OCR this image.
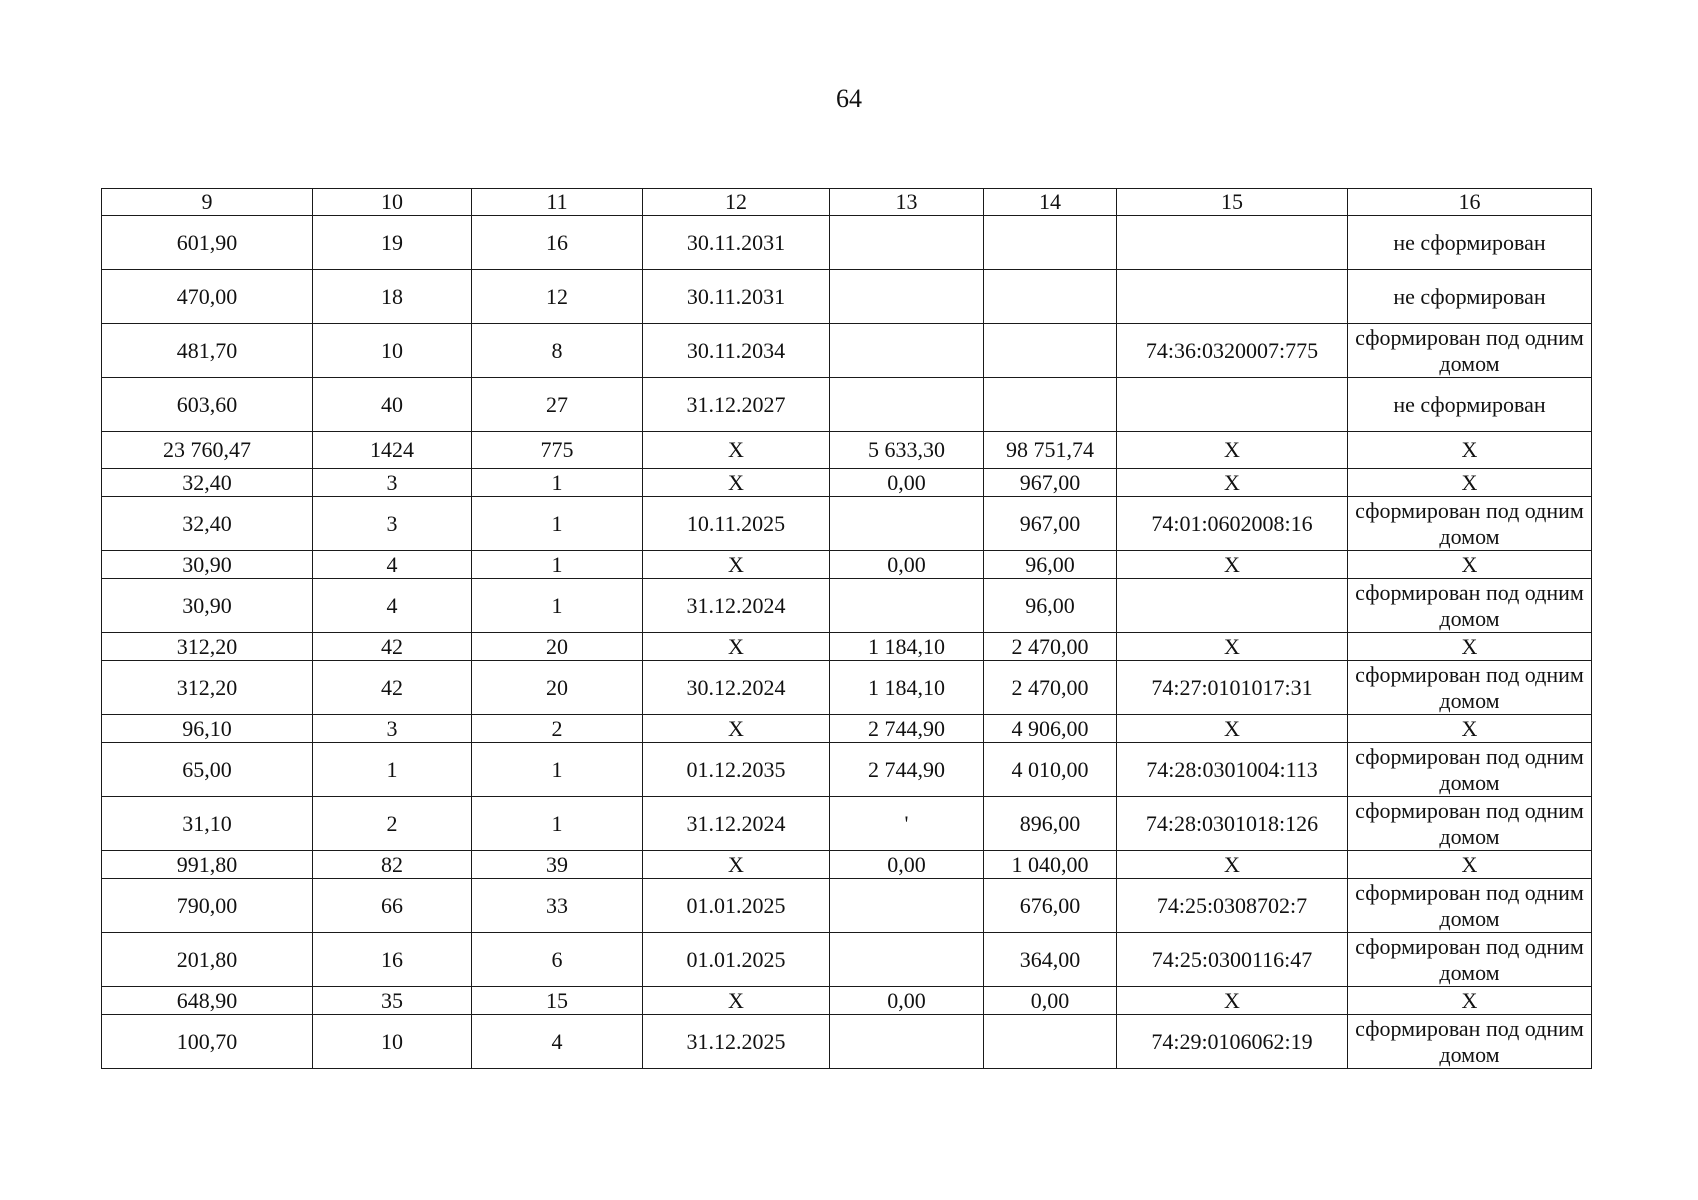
64
9	10	11	12	13	14	15	16
601,90	19	16	30.11.2031				не сформирован
470,00	18	12	30.11.2031				не сформирован
481,70	10	8	30.11.2034			74:36:0320007:775	сформирован под одним домом
603,60	40	27	31.12.2027				не сформирован
23 760,47	1424	775	X	5 633,30	98 751,74	X	X
32,40	3	1	X	0,00	967,00	X	X
32,40	3	1	10.11.2025		967,00	74:01:0602008:16	сформирован под одним домом
30,90	4	1	X	0,00	96,00	X	X
30,90	4	1	31.12.2024		96,00		сформирован под одним домом
312,20	42	20	X	1 184,10	2 470,00	X	X
312,20	42	20	30.12.2024	1 184,10	2 470,00	74:27:0101017:31	сформирован под одним домом
96,10	3	2	X	2 744,90	4 906,00	X	X
65,00	1	1	01.12.2035	2 744,90	4 010,00	74:28:0301004:113	сформирован под одним домом
31,10	2	1	31.12.2024	'	896,00	74:28:0301018:126	сформирован под одним домом
991,80	82	39	X	0,00	1 040,00	X	X
790,00	66	33	01.01.2025		676,00	74:25:0308702:7	сформирован под одним домом
201,80	16	6	01.01.2025		364,00	74:25:0300116:47	сформирован под одним домом
648,90	35	15	X	0,00	0,00	X	X
100,70	10	4	31.12.2025			74:29:0106062:19	сформирован под одним домом
